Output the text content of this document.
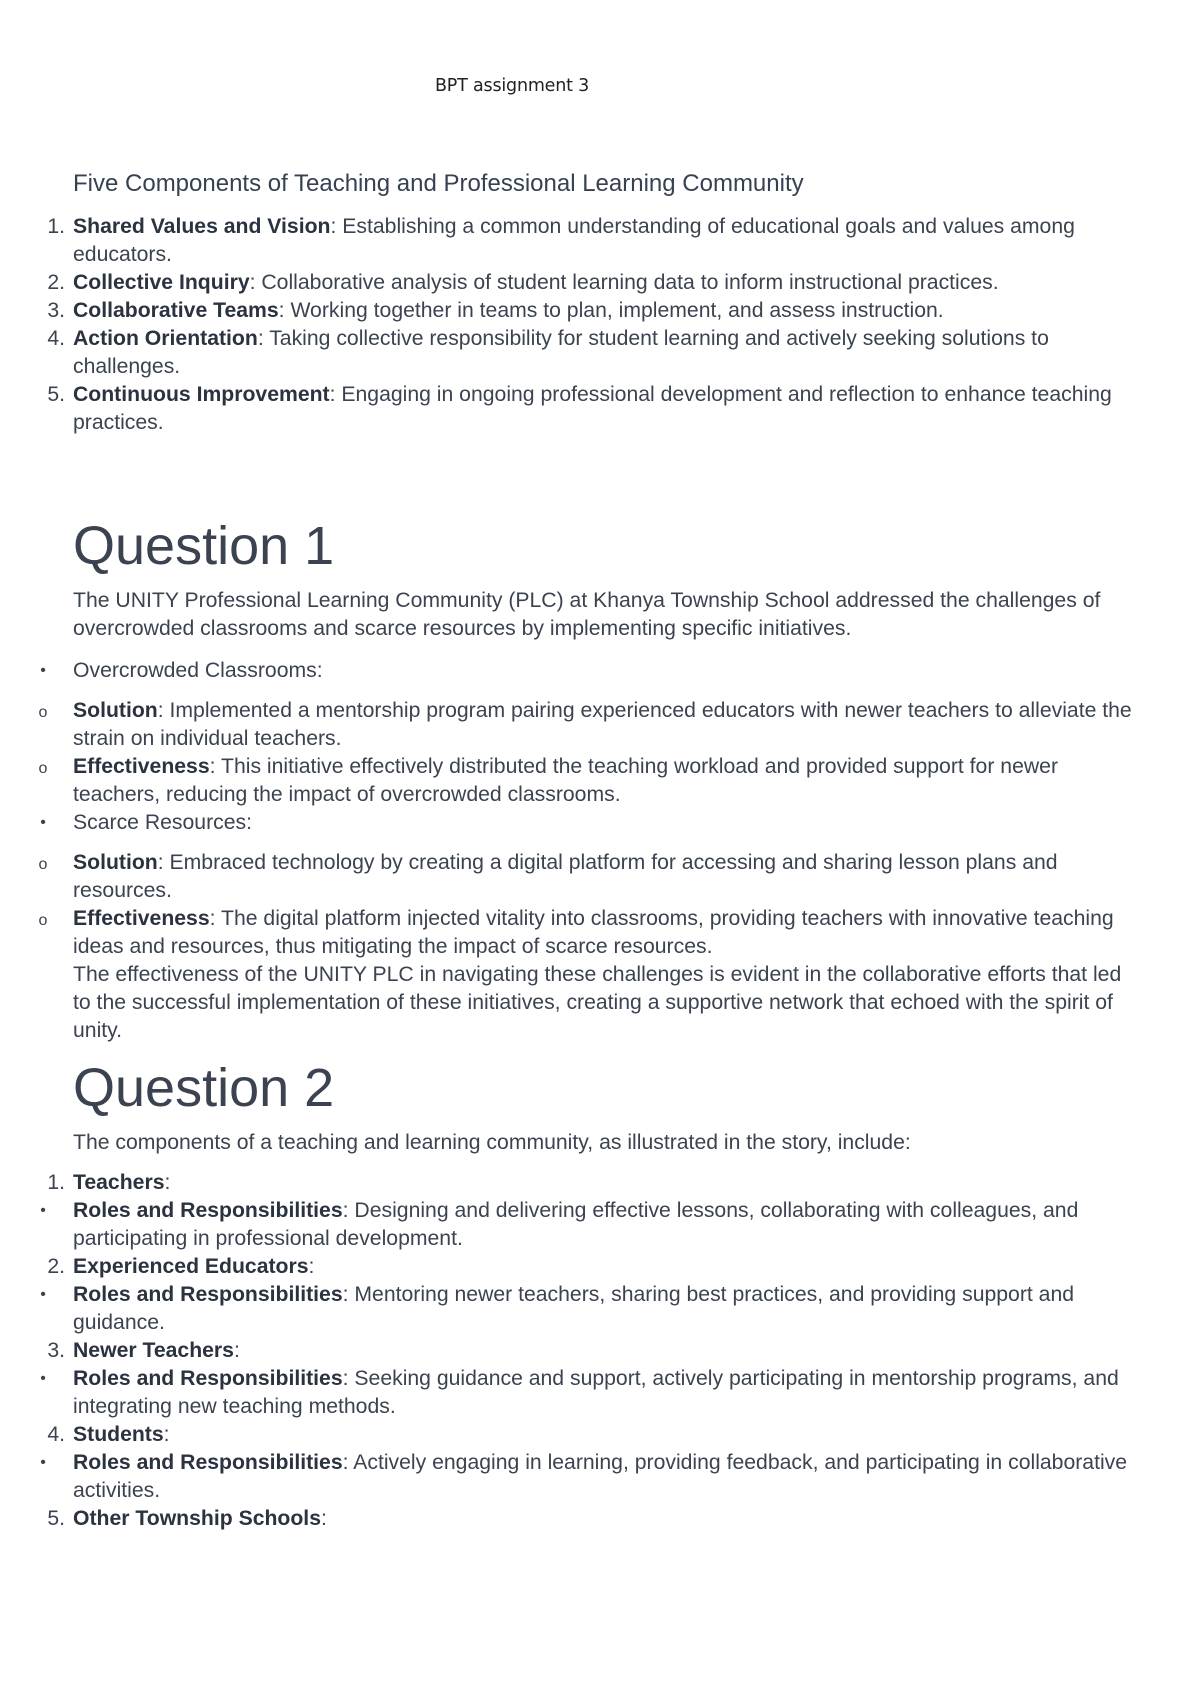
BPT assignment 3
Five Components of Teaching and Professional Learning Community
1. Shared Values and Vision: Establishing a common understanding of educational goals and values among educators.
2. Collective Inquiry: Collaborative analysis of student learning data to inform instructional practices.
3. Collaborative Teams: Working together in teams to plan, implement, and assess instruction.
4. Action Orientation: Taking collective responsibility for student learning and actively seeking solutions to challenges.
5. Continuous Improvement: Engaging in ongoing professional development and reflection to enhance teaching practices.
Question 1
The UNITY Professional Learning Community (PLC) at Khanya Township School addressed the challenges of overcrowded classrooms and scarce resources by implementing specific initiatives.
•	Overcrowded Classrooms:
o Solution: Implemented a mentorship program pairing experienced educators with newer teachers to alleviate the strain on individual teachers.
o Effectiveness: This initiative effectively distributed the teaching workload and provided support for newer teachers, reducing the impact of overcrowded classrooms.
•	Scarce Resources:
o Solution: Embraced technology by creating a digital platform for accessing and sharing lesson plans and resources.
o Effectiveness: The digital platform injected vitality into classrooms, providing teachers with innovative teaching ideas and resources, thus mitigating the impact of scarce resources.
The effectiveness of the UNITY PLC in navigating these challenges is evident in the collaborative efforts that led to the successful implementation of these initiatives, creating a supportive network that echoed with the spirit of unity.
Question 2
The components of a teaching and learning community, as illustrated in the story, include:
1. Teachers:
•	Roles and Responsibilities: Designing and delivering effective lessons, collaborating with colleagues, and participating in professional development.
2. Experienced Educators:
•	Roles and Responsibilities: Mentoring newer teachers, sharing best practices, and providing support and guidance.
3. Newer Teachers:
•	Roles and Responsibilities: Seeking guidance and support, actively participating in mentorship programs, and integrating new teaching methods.
4. Students:
•	Roles and Responsibilities: Actively engaging in learning, providing feedback, and participating in collaborative activities.
5. Other Township Schools:
